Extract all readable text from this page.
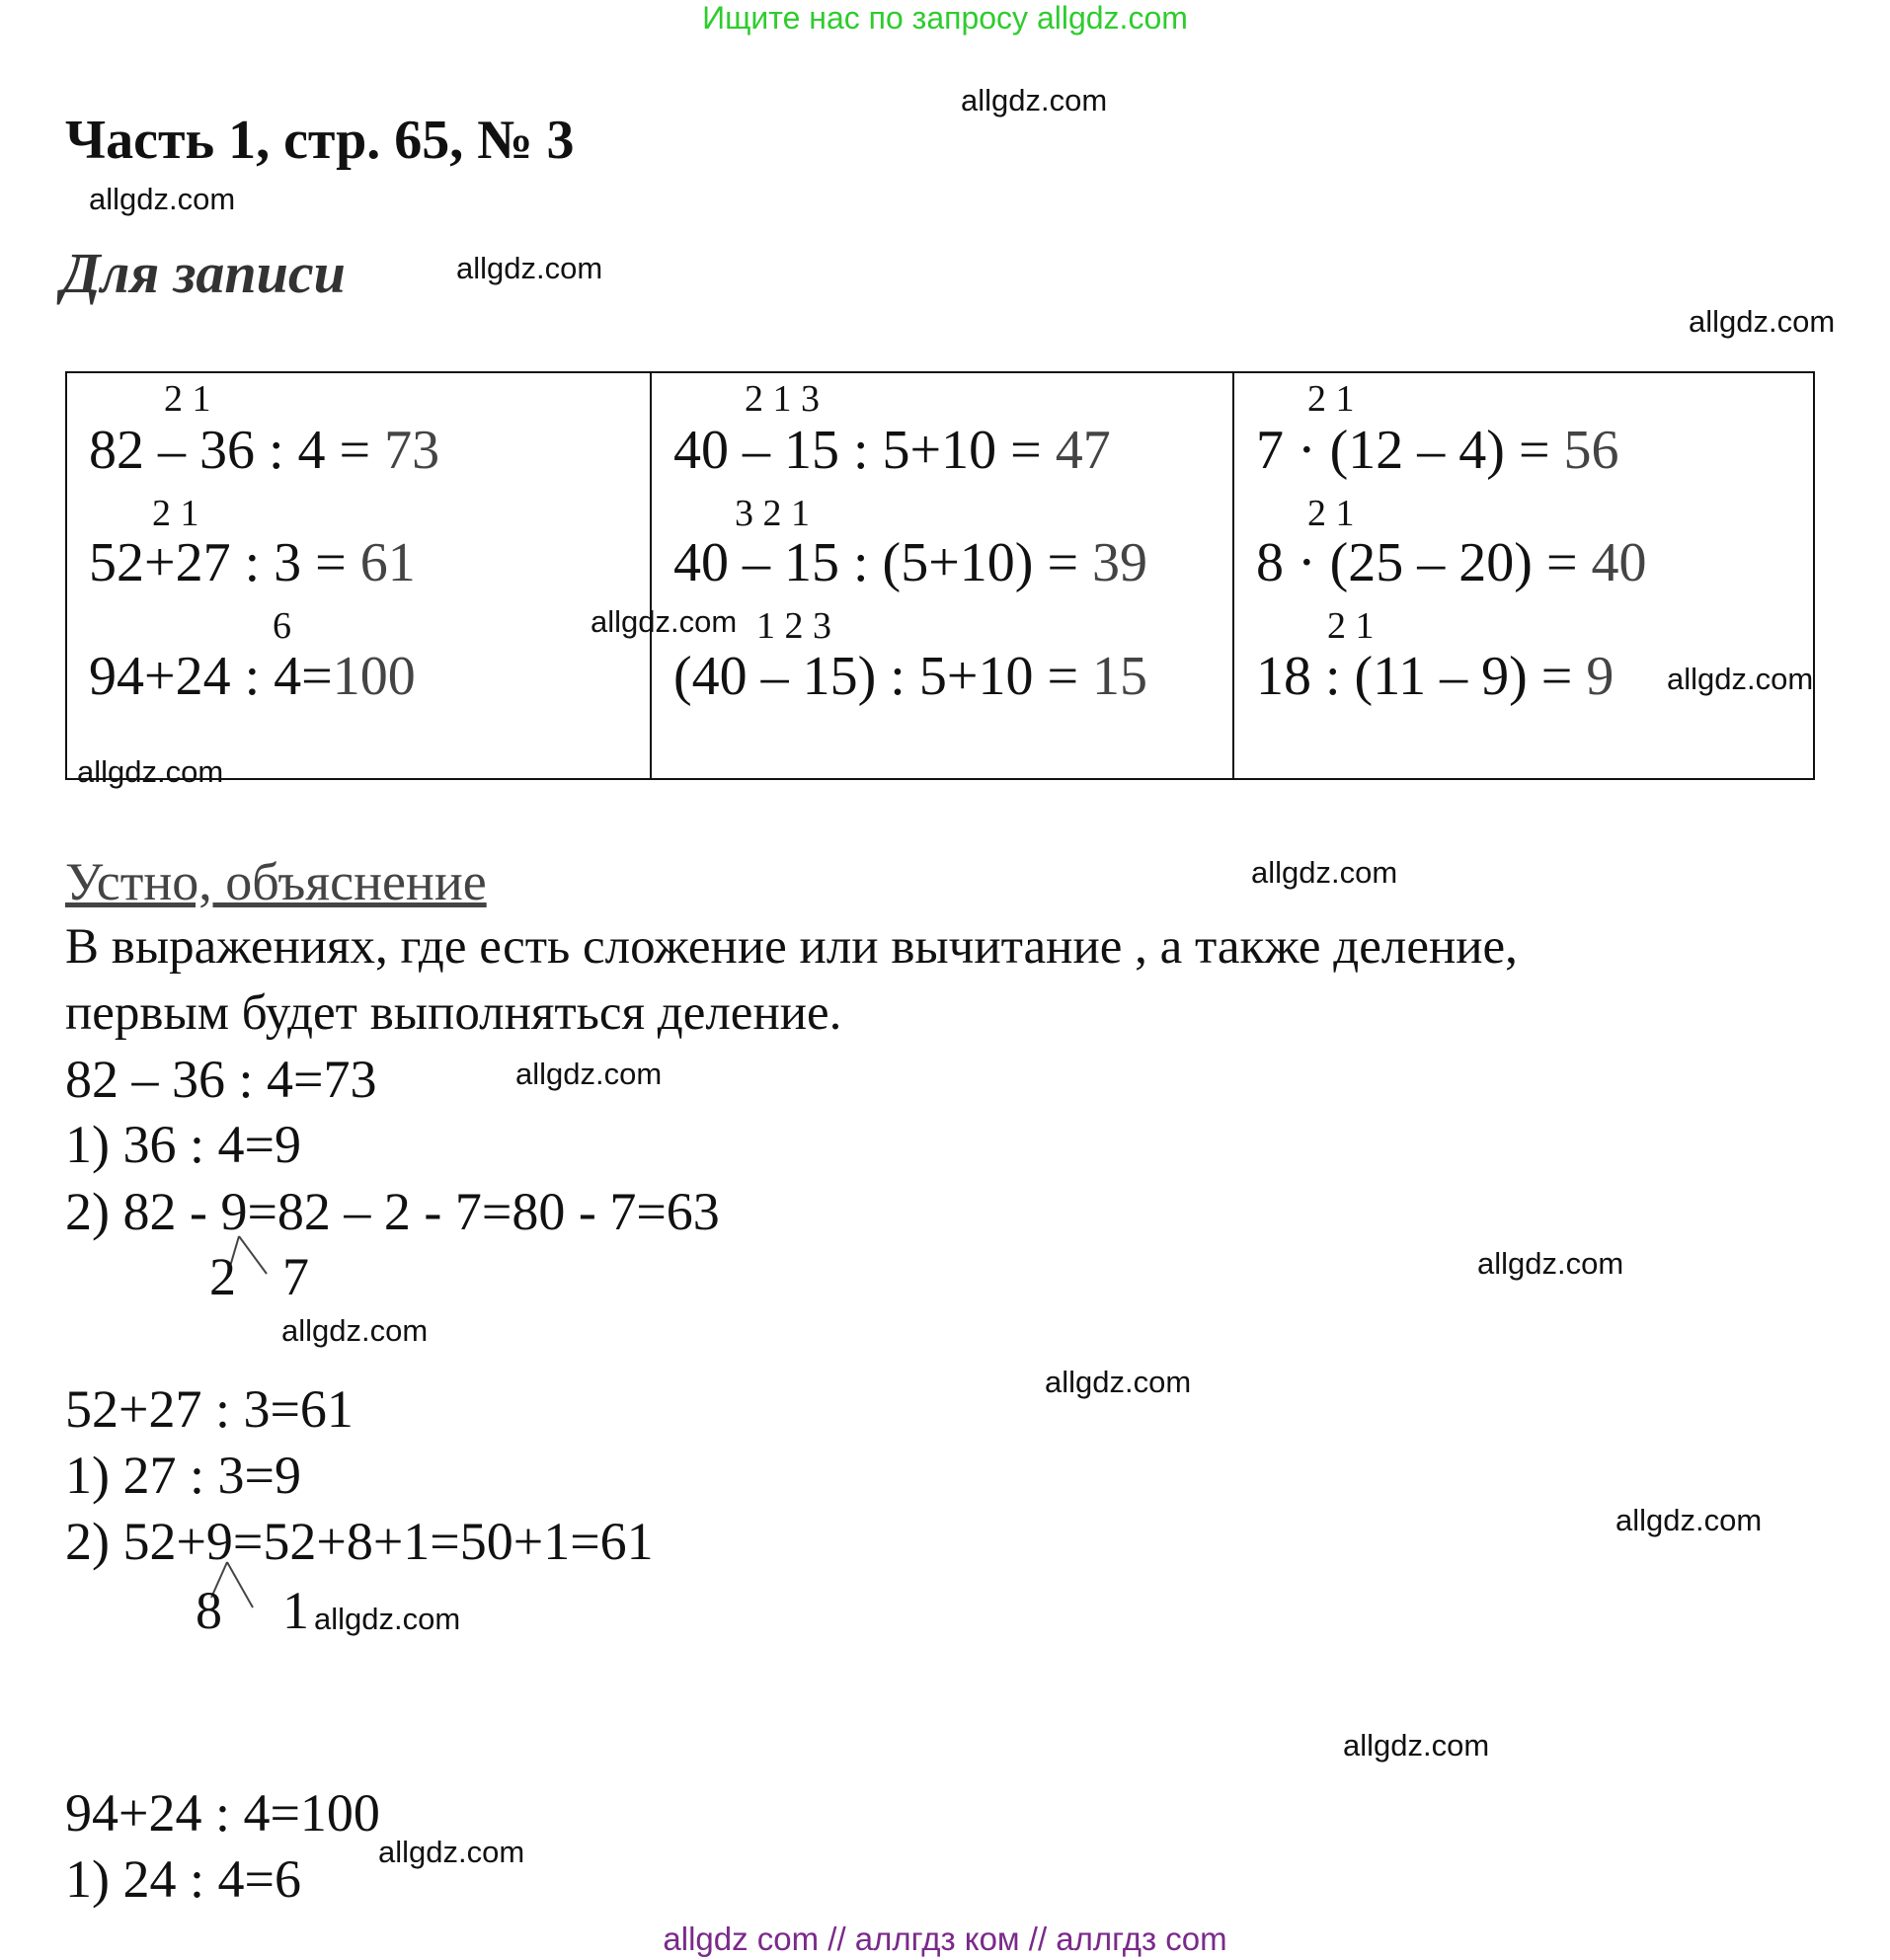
Ищите нас по запросу allgdz.com
allgdz com // аллгдз ком // аллгдз com
Часть 1, стр. 65, № 3
Для записи
2 1
82 – 36 : 4 = 73
2 1
52+27 : 3 = 61
6
94+24 : 4=100
2 1 3
40 – 15 : 5+10 = 47
3 2 1
40 – 15 : (5+10) = 39
1 2 3
(40 – 15) : 5+10 = 15
2 1
7 · (12 – 4) = 56
2 1
8 · (25 – 20) = 40
2 1
18 : (11 – 9) = 9
Устно, объяснение
В выражениях, где есть сложение или вычитание , а также деление,
первым будет выполняться деление.
82 – 36 : 4=73
1) 36 : 4=9
2) 82 - 9=82 – 2 - 7=80 - 7=63
2 7
52+27 : 3=61
1) 27 : 3=9
2) 52+9=52+8+1=50+1=61
8 1
94+24 : 4=100
1) 24 : 4=6
allgdz.com
allgdz.com
allgdz.com
allgdz.com
allgdz.com
allgdz.com
allgdz.com
allgdz.com
allgdz.com
allgdz.com
allgdz.com
allgdz.com
allgdz.com
allgdz.com
allgdz.com
allgdz.com
